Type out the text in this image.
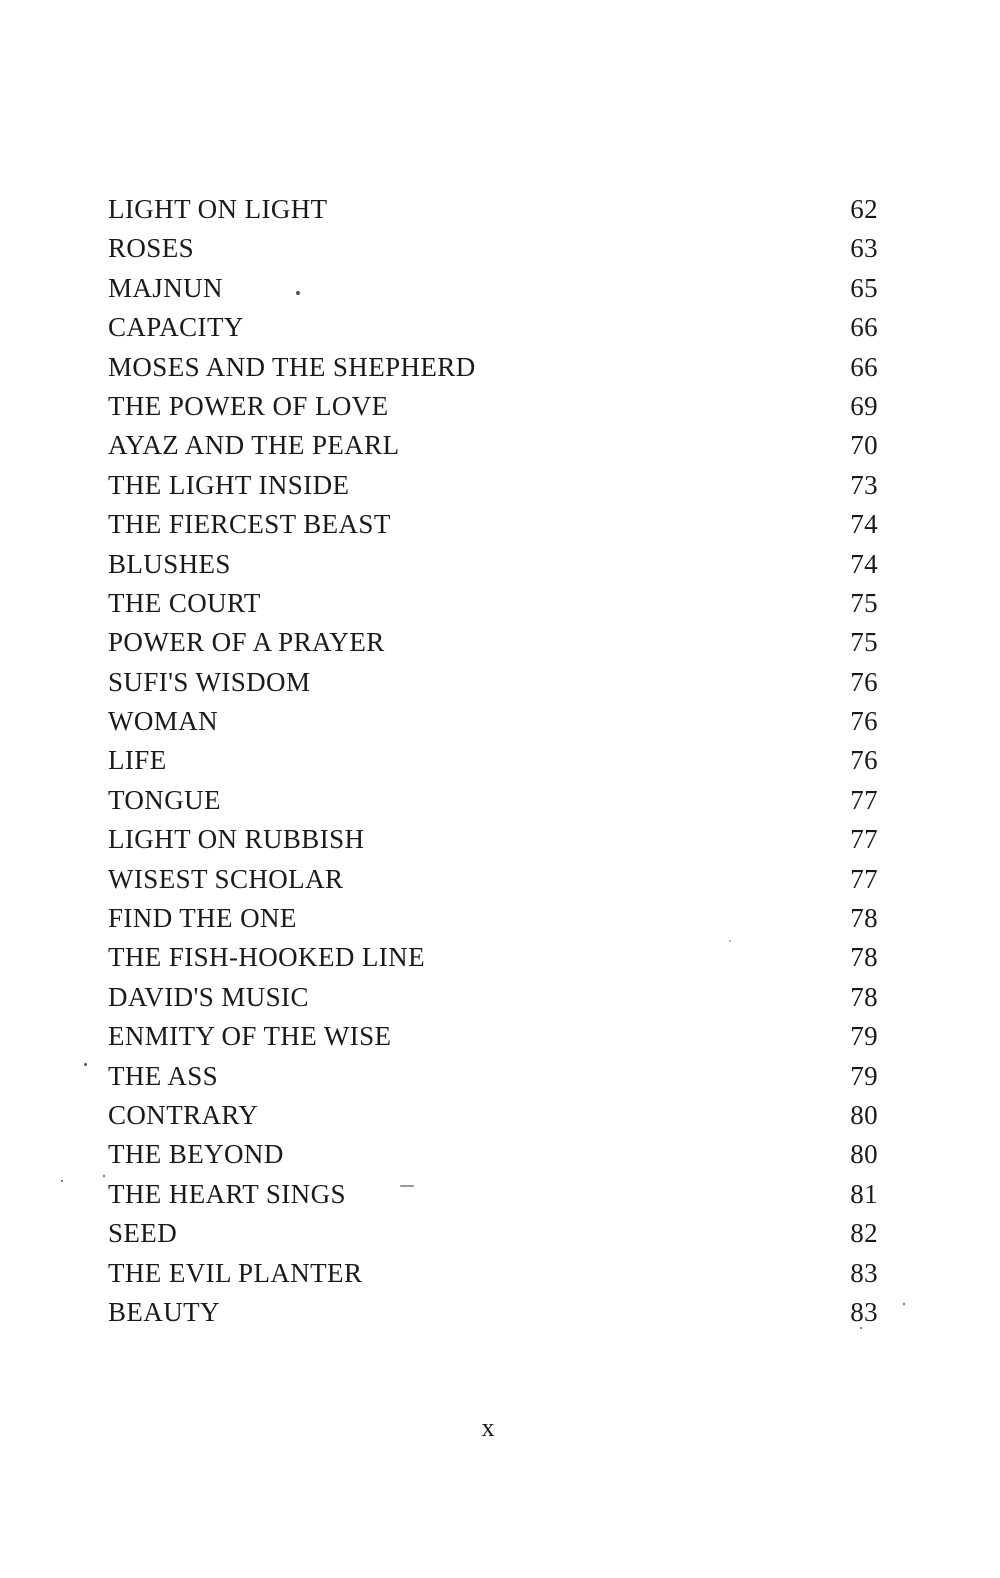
LIGHT ON LIGHT	62
ROSES	63
MAJNUN	65
CAPACITY	66
MOSES AND THE SHEPHERD	66
THE POWER OF LOVE	69
AYAZ AND THE PEARL	70
THE LIGHT INSIDE	73
THE FIERCEST BEAST	74
BLUSHES	74
THE COURT	75
POWER OF A PRAYER	75
SUFI'S WISDOM	76
WOMAN	76
LIFE	76
TONGUE	77
LIGHT ON RUBBISH	77
WISEST SCHOLAR	77
FIND THE ONE	78
THE FISH-HOOKED LINE	78
DAVID'S MUSIC	78
ENMITY OF THE WISE	79
THE ASS	79
CONTRARY	80
THE BEYOND	80
THE HEART SINGS	81
SEED	82
THE EVIL PLANTER	83
BEAUTY	83
x
